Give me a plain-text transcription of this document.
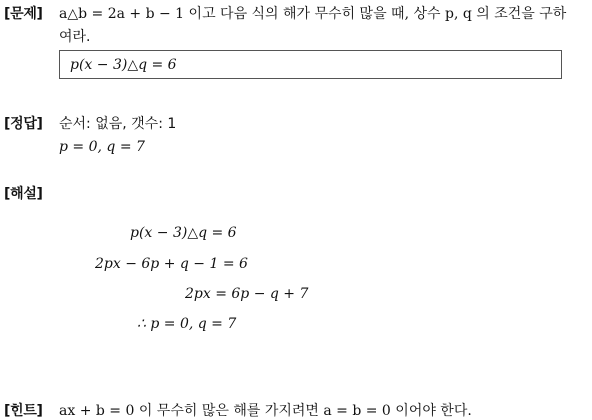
[문제] a△b = 2a + b − 1 이고 다음 식의 해가 무수히 많을 때, 상수 p, q 의 조건을 구하
여라.
p(x − 3)△q = 6
[정답] 순서: 없음, 갯수: 1
p = 0, q = 7
[해설]
p(x − 3)△q = 6
2px − 6p + q − 1 = 6
2px = 6p − q + 7
∴ p = 0, q = 7
[힌트] ax + b = 0 이 무수히 많은 해를 가지려면 a = b = 0 이어야 한다.
